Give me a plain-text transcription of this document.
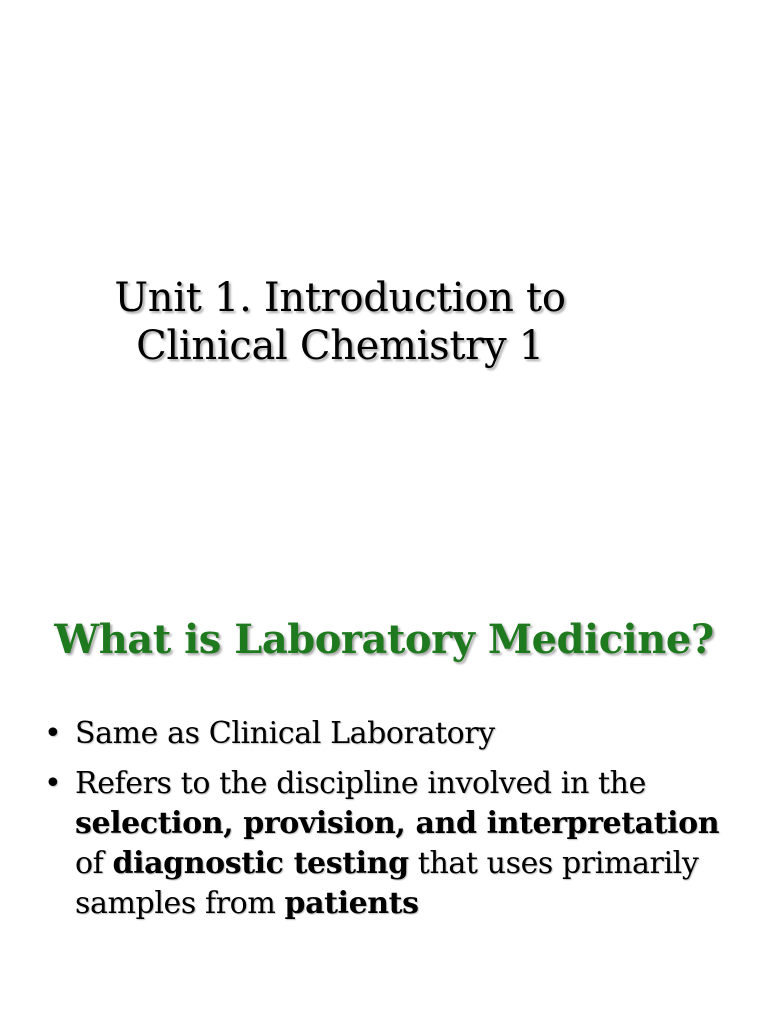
Unit 1. Introduction to
Clinical Chemistry 1
What is Laboratory Medicine?
• Same as Clinical Laboratory
• Refers to the discipline involved in the selection, provision, and interpretation of diagnostic testing that uses primarily samples from patients
